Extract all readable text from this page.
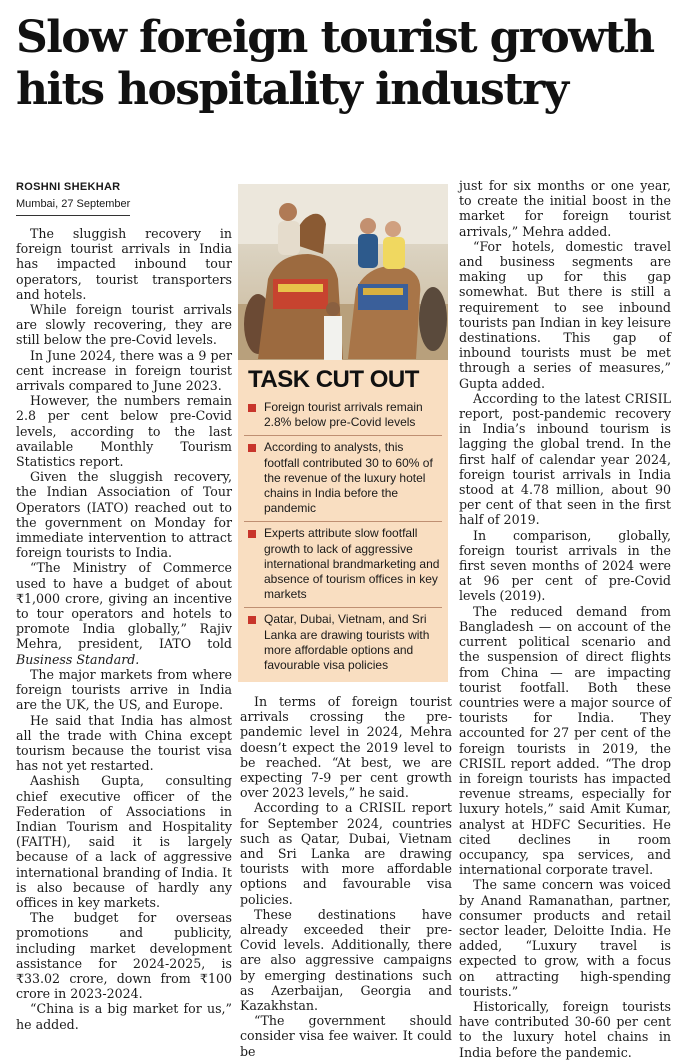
Slow foreign tourist growth
hits hospitality industry
ROSHNI SHEKHAR
Mumbai, 27 September

The sluggish recovery in foreign tourist arrivals in India has impacted inbound tour operators, tourist transporters and hotels.

While foreign tourist arrivals are slowly recovering, they are still below the pre-Covid levels.

In June 2024, there was a 9 per cent increase in foreign tourist arrivals compared to June 2023.

However, the numbers remain 2.8 per cent below pre-Covid levels, according to the last available Monthly Tourism Statistics report.

Given the sluggish recovery, the Indian Association of Tour Operators (IATO) reached out to the government on Monday for immediate intervention to attract foreign tourists to India.

“The Ministry of Commerce used to have a budget of about ₹1,000 crore, giving an incentive to tour operators and hotels to promote India globally,” Rajiv Mehra, president, IATO told Business Standard.

The major markets from where foreign tourists arrive in India are the UK, the US, and Europe.

He said that India has almost all the trade with China except tourism because the tourist visa has not yet restarted.

Aashish Gupta, consulting chief executive officer of the Federation of Associations in Indian Tourism and Hospitality (FAITH), said it is largely because of a lack of aggressive international branding of India. It is also because of hardly any offices in key markets.

The budget for overseas promotions and publicity, including market development assistance for 2024-2025, is ₹33.02 crore, down from ₹100 crore in 2023-2024.

“China is a big market for us,” he added.

TASK CUT OUT
Foreign tourist arrivals remain 2.8% below pre-Covid levels
According to analysts, this footfall contributed 30 to 60% of the revenue of the luxury hotel chains in India before the pandemic
Experts attribute slow footfall growth to lack of aggressive international brandmarketing and absence of tourism offices in key markets
Qatar, Dubai, Vietnam, and Sri Lanka are drawing tourists with more affordable options and favourable visa policies

In terms of foreign tourist arrivals crossing the pre-pandemic level in 2024, Mehra doesn’t expect the 2019 level to be reached. “At best, we are expecting 7-9 per cent growth over 2023 levels,” he said.

According to a CRISIL report for September 2024, countries such as Qatar, Dubai, Vietnam and Sri Lanka are drawing tourists with more affordable options and favourable visa policies.

These destinations have already exceeded their pre-Covid levels. Additionally, there are also aggressive campaigns by emerging destinations such as Azerbaijan, Georgia and Kazakhstan.

“The government should consider visa fee waiver. It could be

just for six months or one year, to create the initial boost in the market for foreign tourist arrivals,” Mehra added.

“For hotels, domestic travel and business segments are making up for this gap somewhat. But there is still a requirement to see inbound tourists pan Indian in key leisure destinations. This gap of inbound tourists must be met through a series of measures,” Gupta added.

According to the latest CRISIL report, post-pandemic recovery in India’s inbound tourism is lagging the global trend. In the first half of calendar year 2024, foreign tourist arrivals in India stood at 4.78 million, about 90 per cent of that seen in the first half of 2019.

In comparison, globally, foreign tourist arrivals in the first seven months of 2024 were at 96 per cent of pre-Covid levels (2019).

The reduced demand from Bangladesh — on account of the current political scenario and the suspension of direct flights from China — are impacting tourist footfall. Both these countries were a major source of tourists for India. They accounted for 27 per cent of the foreign tourists in 2019, the CRISIL report added. “The drop in foreign tourists has impacted revenue streams, especially for luxury hotels,” said Amit Kumar, analyst at HDFC Securities. He cited declines in room occupancy, spa services, and international corporate travel.

The same concern was voiced by Anand Ramanathan, partner, consumer products and retail sector leader, Deloitte India. He added, “Luxury travel is expected to grow, with a focus on attracting high-spending tourists.”

Historically, foreign tourists have contributed 30-60 per cent to the luxury hotel chains in India before the pandemic.
